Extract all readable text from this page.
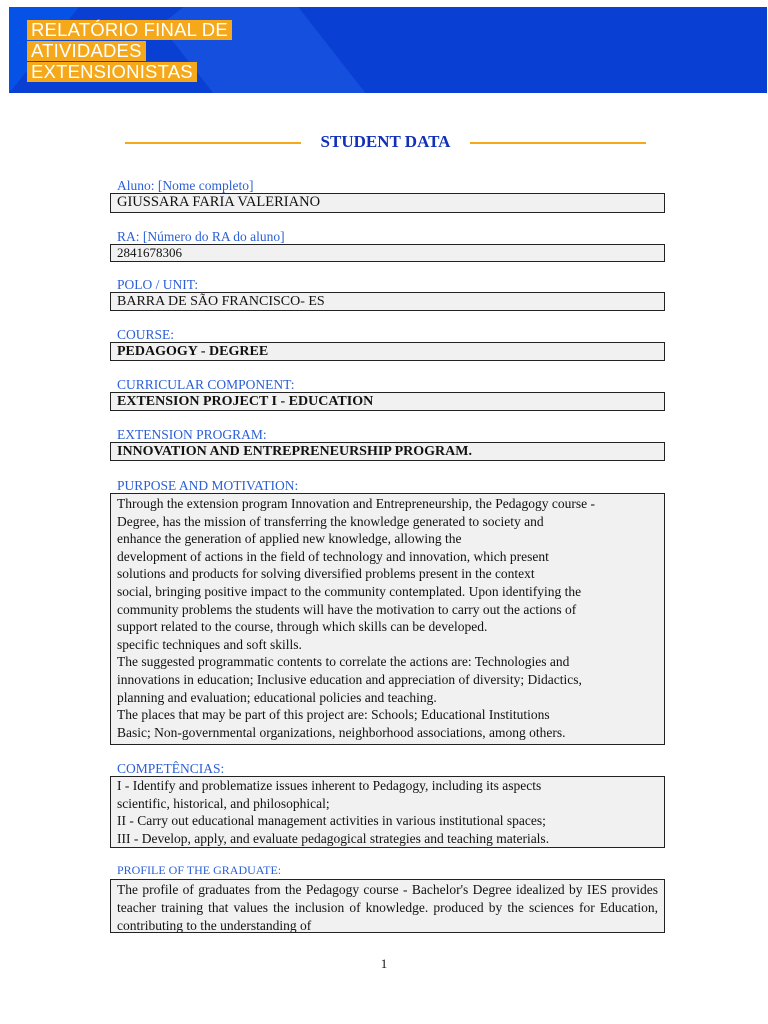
RELATÓRIO FINAL DE
ATIVIDADES
EXTENSIONISTAS
STUDENT DATA
Aluno: [Nome completo]
GIUSSARA FARIA VALERIANO
RA: [Número do RA do aluno]
2841678306
POLO / UNIT:
BARRA DE SÃO FRANCISCO- ES
COURSE:
PEDAGOGY - DEGREE
CURRICULAR COMPONENT:
EXTENSION PROJECT I - EDUCATION
EXTENSION PROGRAM:
INNOVATION AND ENTREPRENEURSHIP PROGRAM.
PURPOSE AND MOTIVATION:
Through the extension program Innovation and Entrepreneurship, the Pedagogy course -
Degree, has the mission of transferring the knowledge generated to society and
enhance the generation of applied new knowledge, allowing the
development of actions in the field of technology and innovation, which present
solutions and products for solving diversified problems present in the context
social, bringing positive impact to the community contemplated. Upon identifying the
community problems the students will have the motivation to carry out the actions of
support related to the course, through which skills can be developed.
specific techniques and soft skills.
The suggested programmatic contents to correlate the actions are: Technologies and
innovations in education; Inclusive education and appreciation of diversity; Didactics,
planning and evaluation; educational policies and teaching.
The places that may be part of this project are: Schools; Educational Institutions
Basic; Non-governmental organizations, neighborhood associations, among others.
COMPETÊNCIAS:
I - Identify and problematize issues inherent to Pedagogy, including its aspects
scientific, historical, and philosophical;
II - Carry out educational management activities in various institutional spaces;
III - Develop, apply, and evaluate pedagogical strategies and teaching materials.
PROFILE OF THE GRADUATE:
The profile of graduates from the Pedagogy course - Bachelor's Degree idealized by IES provides teacher training that values the inclusion of knowledge. produced by the sciences for Education, contributing to the understanding of
1
